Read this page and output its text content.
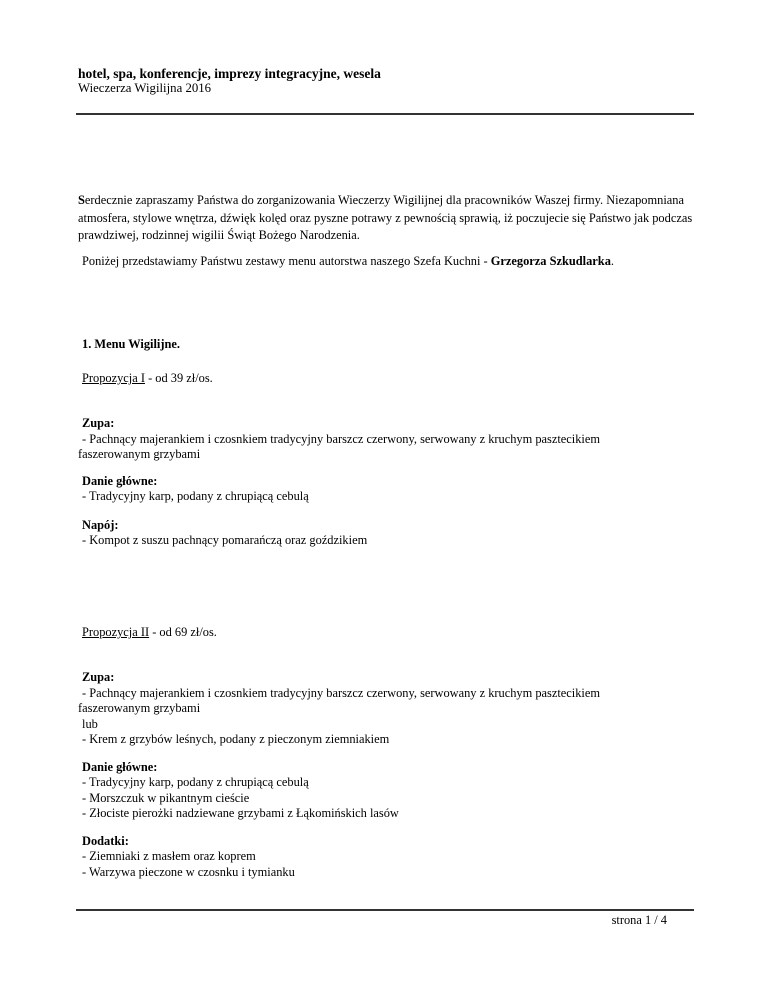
hotel, spa, konferencje, imprezy integracyjne, wesela

Wieczerza Wigilijna 2016

Serdecznie zapraszamy Państwa do zorganizowania Wieczerzy Wigilijnej dla pracowników Waszej firmy. Niezapomniana atmosfera, stylowe wnętrza, dźwięk kolęd oraz pyszne potrawy z pewnością sprawią, iż poczujecie się Państwo jak podczas prawdziwej, rodzinnej wigilii Świąt Bożego Narodzenia.

Poniżej przedstawiamy Państwu zestawy menu autorstwa naszego Szefa Kuchni - Grzegorza Szkudlarka.

1. Menu Wigilijne.

Propozycja I - od 39 zł/os.

Zupa:

- Pachnący majerankiem i czosnkiem tradycyjny barszcz czerwony, serwowany z kruchym pasztecikiem

faszerowanym grzybami

Danie główne:

- Tradycyjny karp, podany z chrupiącą cebulą

Napój:

- Kompot z suszu pachnący pomarańczą oraz goździkiem

Propozycja II - od 69 zł/os.

Zupa:

- Pachnący majerankiem i czosnkiem tradycyjny barszcz czerwony, serwowany z kruchym pasztecikiem

faszerowanym grzybami

lub

- Krem z grzybów leśnych, podany z pieczonym ziemniakiem

Danie główne:

- Tradycyjny karp, podany z chrupiącą cebulą

- Morszczuk w pikantnym cieście

- Złociste pierożki nadziewane grzybami z Łąkomińskich lasów

Dodatki:

- Ziemniaki z masłem oraz koprem

- Warzywa pieczone w czosnku i tymianku

strona 1 / 4
